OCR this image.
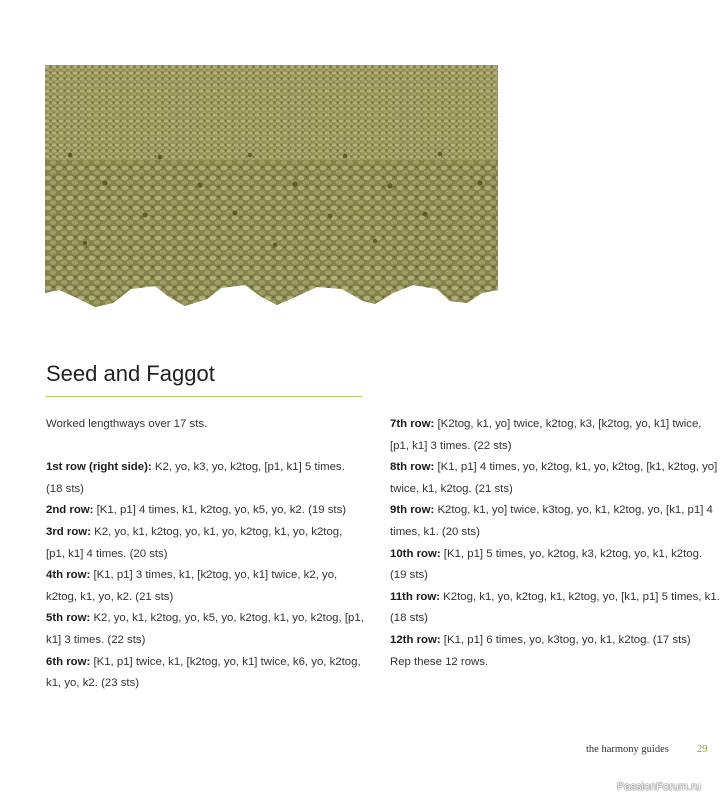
Seed and Faggot
Worked lengthways over 17 sts.
1st row (right side): K2, yo, k3, yo, k2tog, [p1, k1] 5 times. (18 sts)
2nd row: [K1, p1] 4 times, k1, k2tog, yo, k5, yo, k2. (19 sts)
3rd row: K2, yo, k1, k2tog, yo, k1, yo, k2tog, k1, yo, k2tog, [p1, k1] 4 times. (20 sts)
4th row: [K1, p1] 3 times, k1, [k2tog, yo, k1] twice, k2, yo, k2tog, k1, yo, k2. (21 sts)
5th row: K2, yo, k1, k2tog, yo, k5, yo, k2tog, k1, yo, k2tog, [p1, k1] 3 times. (22 sts)
6th row: [K1, p1] twice, k1, [k2tog, yo, k1] twice, k6, yo, k2tog, k1, yo, k2. (23 sts)
7th row: [K2tog, k1, yo] twice, k2tog, k3, [k2tog, yo, k1] twice, [p1, k1] 3 times. (22 sts)
8th row: [K1, p1] 4 times, yo, k2tog, k1, yo, k2tog, [k1, k2tog, yo] twice, k1, k2tog. (21 sts)
9th row: K2tog, k1, yo] twice, k3tog, yo, k1, k2tog, yo, [k1, p1] 4 times, k1. (20 sts)
10th row: [K1, p1] 5 times, yo, k2tog, k3, k2tog, yo, k1, k2tog. (19 sts)
11th row: K2tog, k1, yo, k2tog, k1, k2tog, yo, [k1, p1] 5 times, k1. (18 sts)
12th row: [K1, p1] 6 times, yo, k3tog, yo, k1, k2tog. (17 sts)
Rep these 12 rows.
the harmony guides	29
PassionForum.ru
